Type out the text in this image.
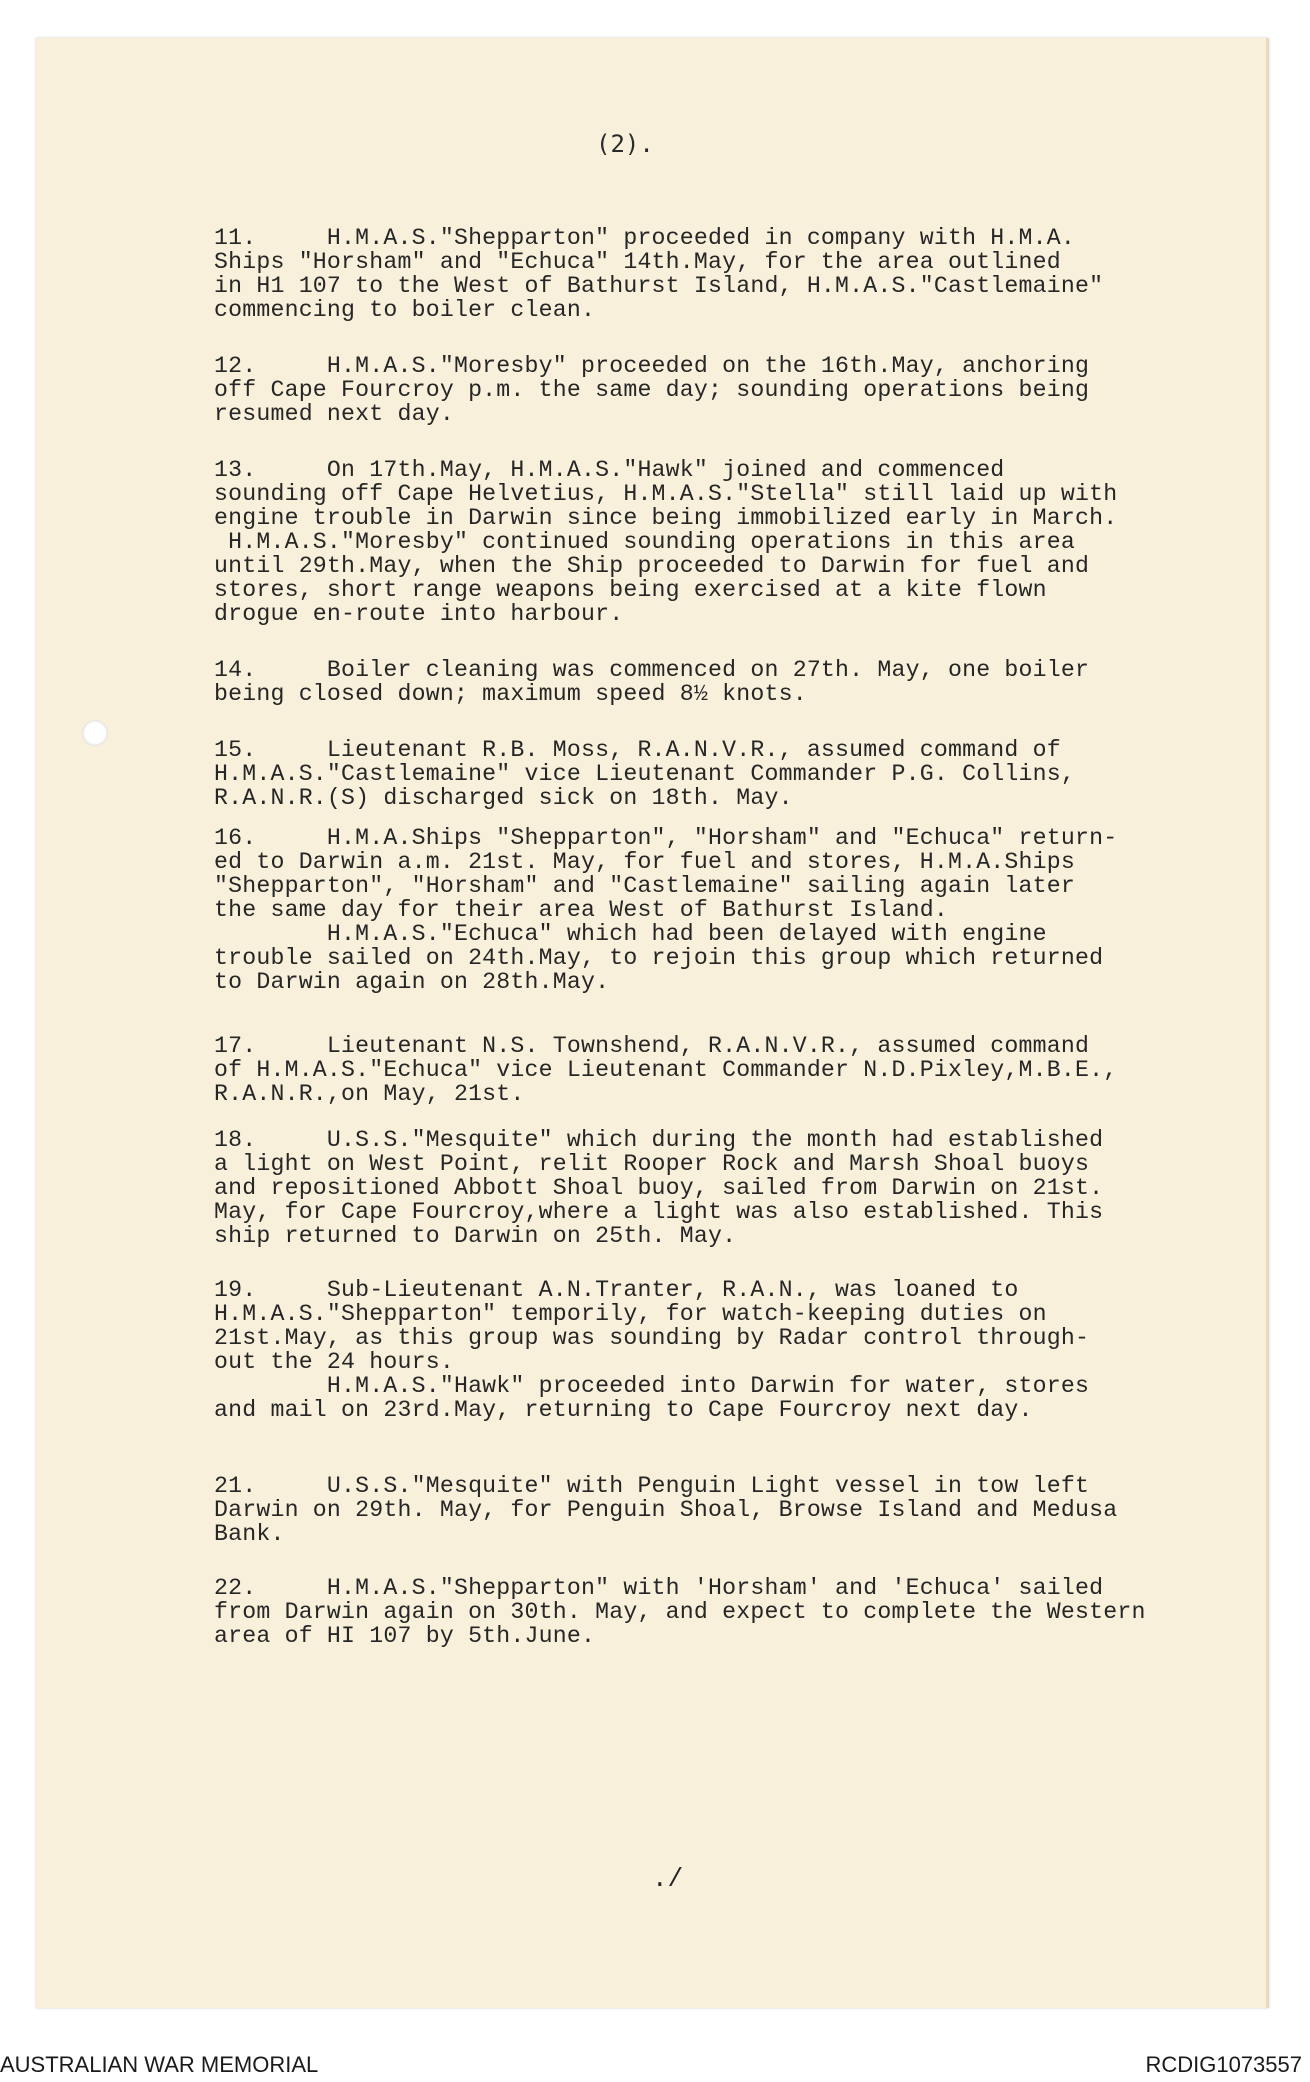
(2).
11.     H.M.A.S."Shepparton" proceeded in company with H.M.A.
Ships "Horsham" and "Echuca" 14th.May, for the area outlined
in H1 107 to the West of Bathurst Island, H.M.A.S."Castlemaine"
commencing to boiler clean.
12.     H.M.A.S."Moresby" proceeded on the 16th.May, anchoring
off Cape Fourcroy p.m. the same day; sounding operations being
resumed next day.
13.     On 17th.May, H.M.A.S."Hawk" joined and commenced
sounding off Cape Helvetius, H.M.A.S."Stella" still laid up with
engine trouble in Darwin since being immobilized early in March.
H.M.A.S."Moresby" continued sounding operations in this area
until 29th.May, when the Ship proceeded to Darwin for fuel and
stores, short range weapons being exercised at a kite flown
drogue en-route into harbour.
14.     Boiler cleaning was commenced on 27th. May, one boiler
being closed down; maximum speed 8½ knots.
15.     Lieutenant R.B. Moss, R.A.N.V.R., assumed command of
H.M.A.S."Castlemaine" vice Lieutenant Commander P.G. Collins,
R.A.N.R.(S) discharged sick on 18th. May.
16.     H.M.A.Ships "Shepparton", "Horsham" and "Echuca" return-
ed to Darwin a.m. 21st. May, for fuel and stores, H.M.A.Ships
"Shepparton", "Horsham" and "Castlemaine" sailing again later
the same day for their area West of Bathurst Island.
H.M.A.S."Echuca" which had been delayed with engine
trouble sailed on 24th.May, to rejoin this group which returned
to Darwin again on 28th.May.
17.     Lieutenant N.S. Townshend, R.A.N.V.R., assumed command
of H.M.A.S."Echuca" vice Lieutenant Commander N.D.Pixley,M.B.E.,
R.A.N.R.,on May, 21st.
18.     U.S.S."Mesquite" which during the month had established
a light on West Point, relit Rooper Rock and Marsh Shoal buoys
and repositioned Abbott Shoal buoy, sailed from Darwin on 21st.
May, for Cape Fourcroy,where a light was also established. This
ship returned to Darwin on 25th. May.
19.     Sub-Lieutenant A.N.Tranter, R.A.N., was loaned to
H.M.A.S."Shepparton" temporily, for watch-keeping duties on
21st.May, as this group was sounding by Radar control through-
out the 24 hours.
H.M.A.S."Hawk" proceeded into Darwin for water, stores
and mail on 23rd.May, returning to Cape Fourcroy next day.
21.     U.S.S."Mesquite" with Penguin Light vessel in tow left
Darwin on 29th. May, for Penguin Shoal, Browse Island and Medusa
Bank.
22.     H.M.A.S."Shepparton" with 'Horsham' and 'Echuca' sailed
from Darwin again on 30th. May, and expect to complete the Western
area of HI 107 by 5th.June.
./
AUSTRALIAN WAR MEMORIAL	RCDIG1073557
